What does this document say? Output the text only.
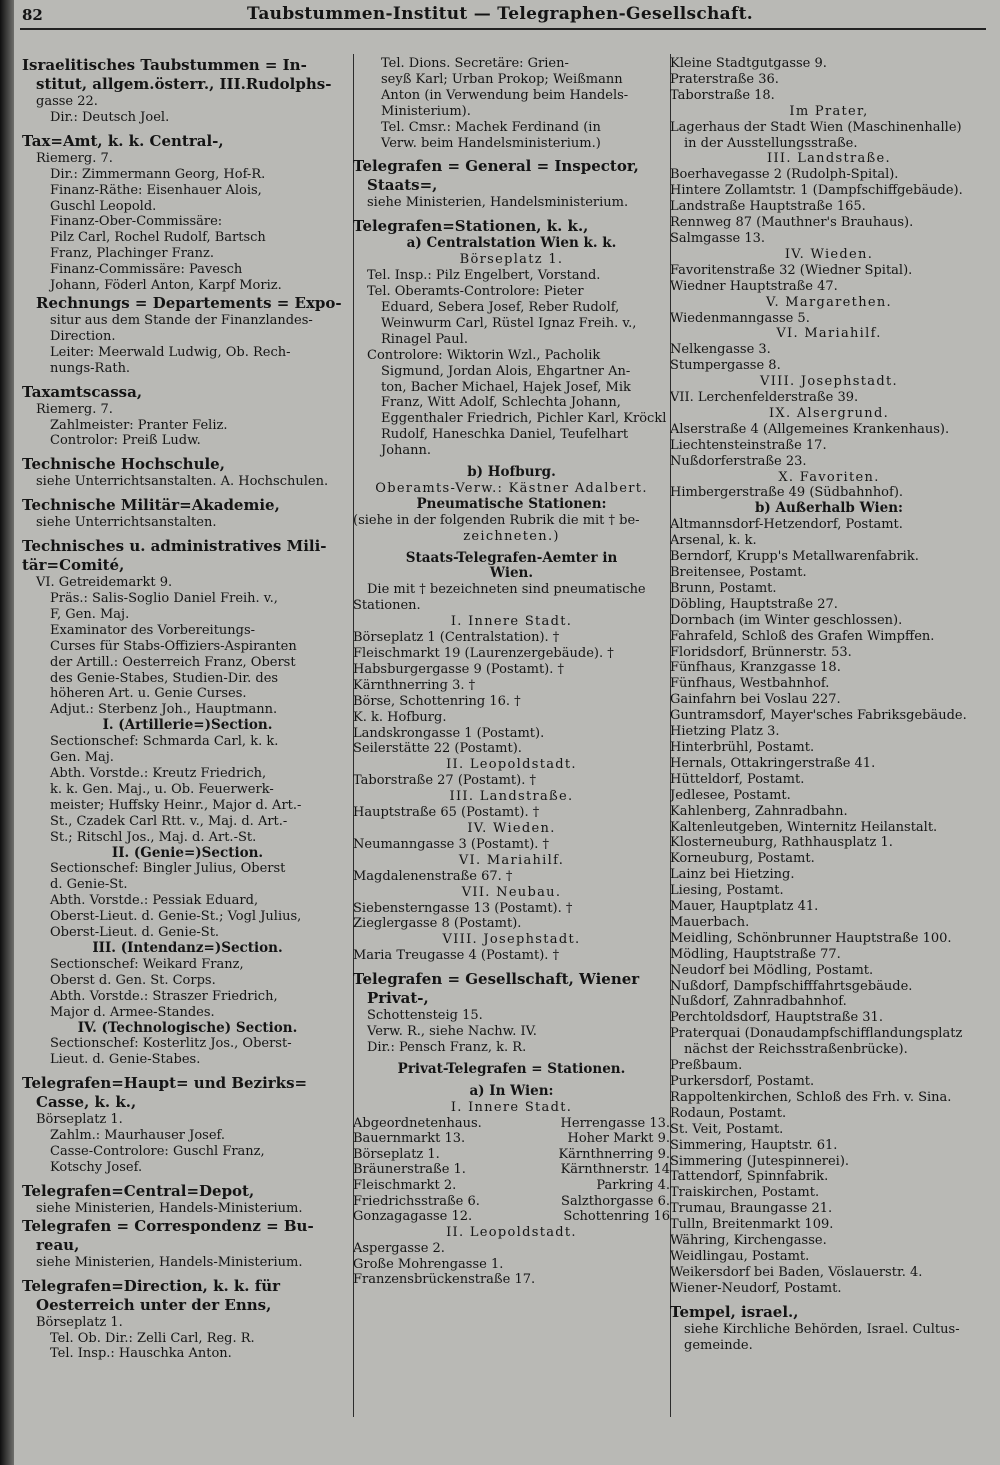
82	Taubstummen-Institut — Telegraphen-Gesellschaft.
Israelitisches Taubstummen = In-
stitut, allgem.österr., III.Rudolphs-
gasse 22.
Dir.: Deutsch Joel.
Tax=Amt, k. k. Central-,
Riemerg. 7.
Dir.: Zimmermann Georg, Hof-R.
Finanz-Räthe: Eisenhauer Alois,
Guschl Leopold.
Finanz-Ober-Commissäre:
Pilz Carl, Rochel Rudolf, Bartsch
Franz, Plachinger Franz.
Finanz-Commissäre: Pavesch
Johann, Föderl Anton, Karpf Moriz.
Rechnungs = Departements = Expo-
situr aus dem Stande der Finanzlandes-
Direction.
Leiter: Meerwald Ludwig, Ob. Rech-
nungs-Rath.
Taxamtscassa,
Riemerg. 7.
Zahlmeister: Pranter Feliz.
Controlor: Preiß Ludw.
Technische Hochschule,
siehe Unterrichtsanstalten. A. Hochschulen.
Technische Militär=Akademie,
siehe Unterrichtsanstalten.
Technisches u. administratives Mili-
tär=Comité,
VI. Getreidemarkt 9.
Präs.: Salis-Soglio Daniel Freih. v.,
F, Gen. Maj.
Examinator des Vorbereitungs-
Curses für Stabs-Offiziers-Aspiranten
der Artill.: Oesterreich Franz, Oberst
des Genie-Stabes, Studien-Dir. des
höheren Art. u. Genie Curses.
Adjut.: Sterbenz Joh., Hauptmann.
I. (Artillerie=)Section.
Sectionschef: Schmarda Carl, k. k.
Gen. Maj.
Abth. Vorstde.: Kreutz Friedrich,
k. k. Gen. Maj., u. Ob. Feuerwerk-
meister; Huffsky Heinr., Major d. Art.-
St., Czadek Carl Rtt. v., Maj. d. Art.-
St.; Ritschl Jos., Maj. d. Art.-St.
II. (Genie=)Section.
Sectionschef: Bingler Julius, Oberst
d. Genie-St.
Abth. Vorstde.: Pessiak Eduard,
Oberst-Lieut. d. Genie-St.; Vogl Julius,
Oberst-Lieut. d. Genie-St.
III. (Intendanz=)Section.
Sectionschef: Weikard Franz,
Oberst d. Gen. St. Corps.
Abth. Vorstde.: Straszer Friedrich,
Major d. Armee-Standes.
IV. (Technologische) Section.
Sectionschef: Kosterlitz Jos., Oberst-
Lieut. d. Genie-Stabes.
Telegrafen=Haupt= und Bezirks=
Casse, k. k.,
Börseplatz 1.
Zahlm.: Maurhauser Josef.
Casse-Controlore: Guschl Franz,
Kotschy Josef.
Telegrafen=Central=Depot,
siehe Ministerien, Handels-Ministerium.
Telegrafen = Correspondenz = Bu-
reau,
siehe Ministerien, Handels-Ministerium.
Telegrafen=Direction, k. k. für
Oesterreich unter der Enns,
Börseplatz 1.
Tel. Ob. Dir.: Zelli Carl, Reg. R.
Tel. Insp.: Hauschka Anton.
Tel. Dions. Secretäre: Grien-
seyß Karl; Urban Prokop; Weißmann
Anton (in Verwendung beim Handels-
Ministerium).
Tel. Cmsr.: Machek Ferdinand (in
Verw. beim Handelsministerium.)
Telegrafen = General = Inspector,
Staats=,
siehe Ministerien, Handelsministerium.
Telegrafen=Stationen, k. k.,
a) Centralstation Wien k. k.
Börseplatz 1.
Tel. Insp.: Pilz Engelbert, Vorstand.
Tel. Oberamts-Controlore: Pieter
Eduard, Sebera Josef, Reber Rudolf,
Weinwurm Carl, Rüstel Ignaz Freih. v.,
Rinagel Paul.
Controlore: Wiktorin Wzl., Pacholik
Sigmund, Jordan Alois, Ehgartner An-
ton, Bacher Michael, Hajek Josef, Mik
Franz, Witt Adolf, Schlechta Johann,
Eggenthaler Friedrich, Pichler Karl, Kröckl
Rudolf, Haneschka Daniel, Teufelhart
Johann.
b) Hofburg.
Oberamts-Verw.: Kästner Adalbert.
Pneumatische Stationen:
(siehe in der folgenden Rubrik die mit † be-
zeichneten.)
Staats-Telegrafen-Aemter in
Wien.
Die mit † bezeichneten sind pneumatische
Stationen.
I. Innere Stadt.
Börseplatz 1 (Centralstation). †
Fleischmarkt 19 (Laurenzergebäude). †
Habsburgergasse 9 (Postamt). †
Kärnthnerring 3. †
Börse, Schottenring 16. †
K. k. Hofburg.
Landskrongasse 1 (Postamt).
Seilerstätte 22 (Postamt).
II. Leopoldstadt.
Taborstraße 27 (Postamt). †
III. Landstraße.
Hauptstraße 65 (Postamt). †
IV. Wieden.
Neumanngasse 3 (Postamt). †
VI. Mariahilf.
Magdalenenstraße 67. †
VII. Neubau.
Siebensterngasse 13 (Postamt). †
Zieglergasse 8 (Postamt).
VIII. Josephstadt.
Maria Treugasse 4 (Postamt). †
Telegrafen = Gesellschaft, Wiener
Privat-,
Schottensteig 15.
Verw. R., siehe Nachw. IV.
Dir.: Pensch Franz, k. R.
Privat-Telegrafen = Stationen.
a) In Wien:
I. Innere Stadt.
Abgeordnetenhaus.	Herrengasse 13.
Bauernmarkt 13.	Hoher Markt 9.
Börseplatz 1.	Kärnthnerring 9.
Bräunerstraße 1.	Kärnthnerstr. 14
Fleischmarkt 2.	Parkring 4.
Friedrichsstraße 6.	Salzthorgasse 6.
Gonzagagasse 12.	Schottenring 16
II. Leopoldstadt.
Aspergasse 2.
Große Mohrengasse 1.
Franzensbrückenstraße 17.
Kleine Stadtgutgasse 9.
Praterstraße 36.
Taborstraße 18.
Im Prater,
Lagerhaus der Stadt Wien (Maschinenhalle)
in der Ausstellungsstraße.
III. Landstraße.
Boerhavegasse 2 (Rudolph-Spital).
Hintere Zollamtstr. 1 (Dampfschiffgebäude).
Landstraße Hauptstraße 165.
Rennweg 87 (Mauthner's Brauhaus).
Salmgasse 13.
IV. Wieden.
Favoritenstraße 32 (Wiedner Spital).
Wiedner Hauptstraße 47.
V. Margarethen.
Wiedenmanngasse 5.
VI. Mariahilf.
Nelkengasse 3.
Stumpergasse 8.
VIII. Josephstadt.
VII. Lerchenfelderstraße 39.
IX. Alsergrund.
Alserstraße 4 (Allgemeines Krankenhaus).
Liechtensteinstraße 17.
Nußdorferstraße 23.
X. Favoriten.
Himbergerstraße 49 (Südbahnhof).
b) Außerhalb Wien:
Altmannsdorf-Hetzendorf, Postamt.
Arsenal, k. k.
Berndorf, Krupp's Metallwarenfabrik.
Breitensee, Postamt.
Brunn, Postamt.
Döbling, Hauptstraße 27.
Dornbach (im Winter geschlossen).
Fahrafeld, Schloß des Grafen Wimpffen.
Floridsdorf, Brünnerstr. 53.
Fünfhaus, Kranzgasse 18.
Fünfhaus, Westbahnhof.
Gainfahrn bei Voslau 227.
Guntramsdorf, Mayer'sches Fabriksgebäude.
Hietzing Platz 3.
Hinterbrühl, Postamt.
Hernals, Ottakringerstraße 41.
Hütteldorf, Postamt.
Jedlesee, Postamt.
Kahlenberg, Zahnradbahn.
Kaltenleutgeben, Winternitz Heilanstalt.
Klosterneuburg, Rathhausplatz 1.
Korneuburg, Postamt.
Lainz bei Hietzing.
Liesing, Postamt.
Mauer, Hauptplatz 41.
Mauerbach.
Meidling, Schönbrunner Hauptstraße 100.
Mödling, Hauptstraße 77.
Neudorf bei Mödling, Postamt.
Nußdorf, Dampfschifffahrtsgebäude.
Nußdorf, Zahnradbahnhof.
Perchtoldsdorf, Hauptstraße 31.
Praterquai (Donaudampfschifflandungsplatz
nächst der Reichsstraßenbrücke).
Preßbaum.
Purkersdorf, Postamt.
Rappoltenkirchen, Schloß des Frh. v. Sina.
Rodaun, Postamt.
St. Veit, Postamt.
Simmering, Hauptstr. 61.
Simmering (Jutespinnerei).
Tattendorf, Spinnfabrik.
Traiskirchen, Postamt.
Trumau, Braungasse 21.
Tulln, Breitenmarkt 109.
Währing, Kirchengasse.
Weidlingau, Postamt.
Weikersdorf bei Baden, Vöslauerstr. 4.
Wiener-Neudorf, Postamt.
Tempel, israel.,
siehe Kirchliche Behörden, Israel. Cultus-
gemeinde.
